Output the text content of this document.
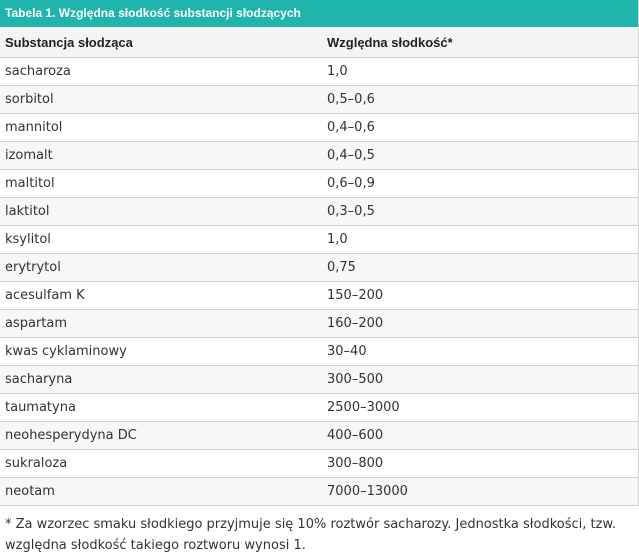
Tabela 1. Względna słodkość substancji słodzących
Substancja słodząca	Względna słodkość*
sacharoza	1,0
sorbitol	0,5–0,6
mannitol	0,4–0,6
izomalt	0,4–0,5
maltitol	0,6–0,9
laktitol	0,3–0,5
ksylitol	1,0
erytrytol	0,75
acesulfam K	150–200
aspartam	160–200
kwas cyklaminowy	30–40
sacharyna	300–500
taumatyna	2500–3000
neohesperydyna DC	400–600
sukraloza	300–800
neotam	7000–13000
* Za wzorzec smaku słodkiego przyjmuje się 10% roztwór sacharozy. Jednostka słodkości, tzw. względna słodkość takiego roztworu wynosi 1.
